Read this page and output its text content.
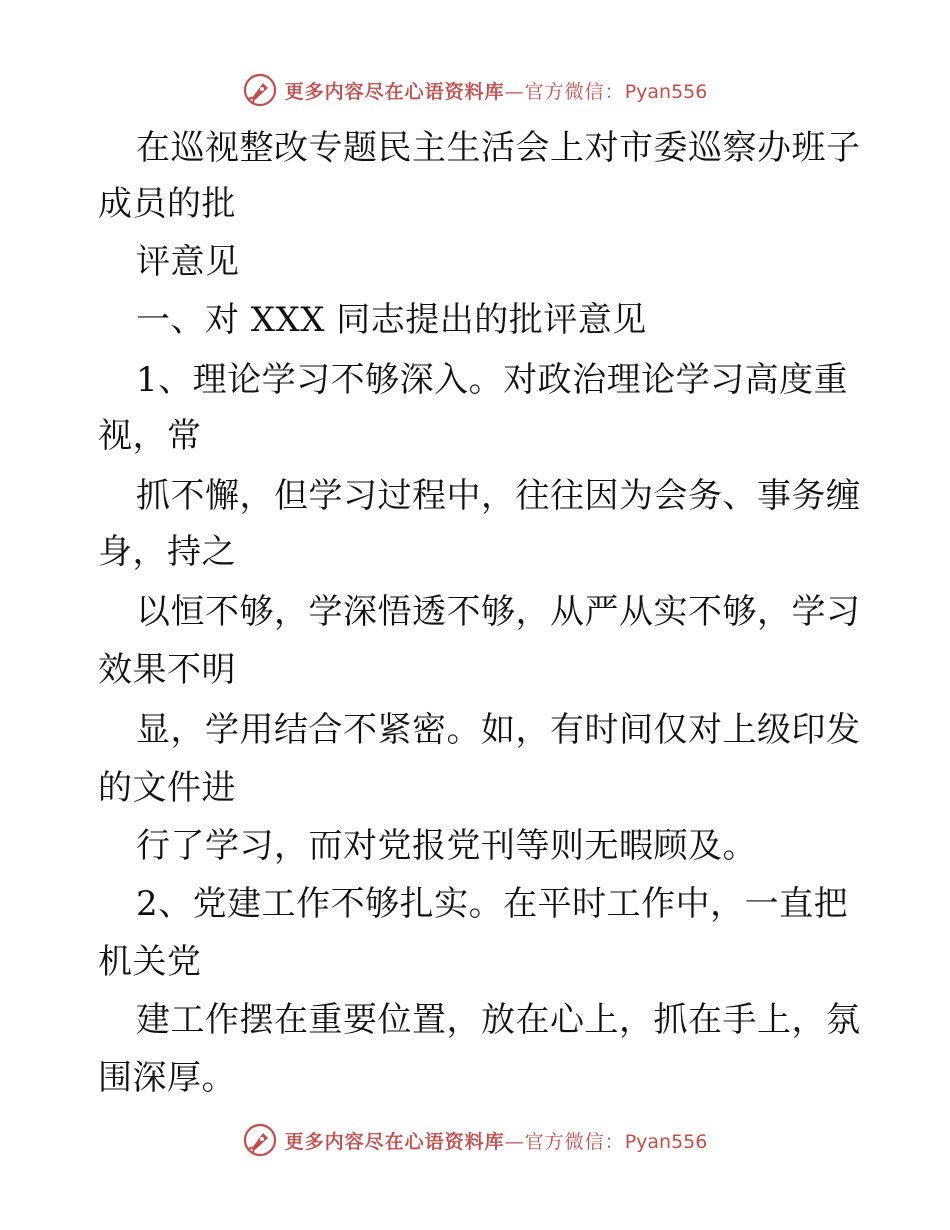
更多内容尽在心语资料库—官方微信：Pyan556
在巡视整改专题民主生活会上对市委巡察办班子
成员的批
评意见
一、对 XXX 同志提出的批评意见
1、理论学习不够深入。对政治理论学习高度重
视，常
抓不懈，但学习过程中，往往因为会务、事务缠
身，持之
以恒不够，学深悟透不够，从严从实不够，学习
效果不明
显，学用结合不紧密。如，有时间仅对上级印发
的文件进
行了学习，而对党报党刊等则无暇顾及。
2、党建工作不够扎实。在平时工作中，一直把
机关党
建工作摆在重要位置，放在心上，抓在手上，氛
围深厚。
更多内容尽在心语资料库—官方微信：Pyan556
